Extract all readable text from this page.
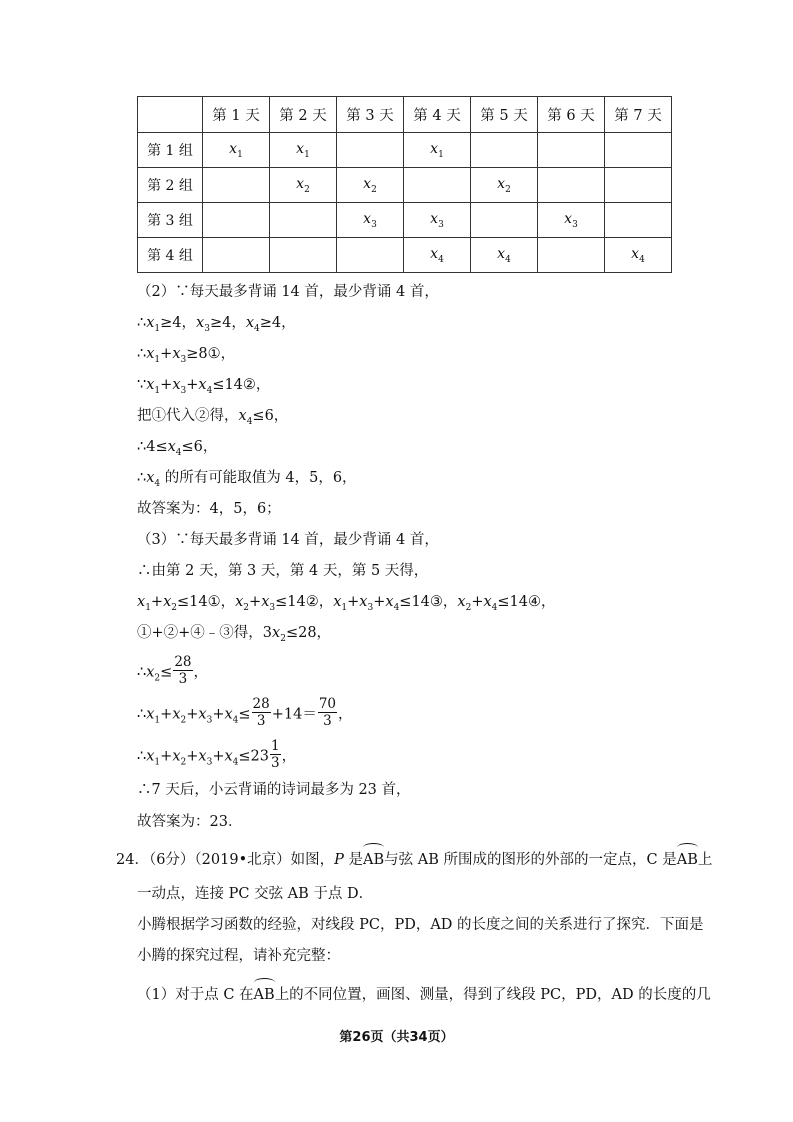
	第 1 天	第 2 天	第 3 天	第 4 天	第 5 天	第 6 天	第 7 天
第 1 组	$x_1$	$x_1$		$x_1$			
第 2 组		$x_2$	$x_2$		$x_2$		
第 3 组			$x_3$	$x_3$		$x_3$	
第 4 组				$x_4$	$x_4$		$x_4$
（2）∵每天最多背诵 14 首，最少背诵 4 首，
$\therefore x_1\ge 4$，$x_3\ge 4$，$x_4\ge 4$，
$\therefore x_1+x_3\ge 8①$，
$\because x_1+x_3+x_4\le 14②$，
把①代入②得，$x_4\le 6$，
$\therefore 4\le x_4\le 6$，
$\therefore x_4$ 的所有可能取值为 4，5，6，
故答案为：4，5，6；
（3）∵每天最多背诵 14 首，最少背诵 4 首，
∴由第 2 天，第 3 天，第 4 天，第 5 天得，
$x_1+x_2\le 14①$，$x_2+x_3\le 14②$，$x_1+x_3+x_4\le 14③$，$x_2+x_4\le 14④$，
①+②+④﹣③得，$3x_2\le 28$，
$\therefore x_2\le \frac{28}{3}$ ，
$\therefore x_1+x_2+x_3+x_4\le \frac{28}{3} +14= \frac{70}{3}$ ，
$\therefore x_1+x_2+x_3+x_4\le 23 \frac{1}{3}$ ，
∴7 天后，小云背诵的诗词最多为 23 首，
故答案为：23．
24．（6分）（2019•北京）如图，P 是AB与弦 AB 所围成的图形的外部的一定点，C 是AB上
一动点，连接 PC 交弦 AB 于点 D．
小腾根据学习函数的经验，对线段 PC，PD，AD 的长度之间的关系进行了探究．下面是
小腾的探究过程，请补充完整：
（1）对于点 C 在AB上的不同位置，画图、测量，得到了线段 PC，PD，AD 的长度的几
第26页（共34页）
